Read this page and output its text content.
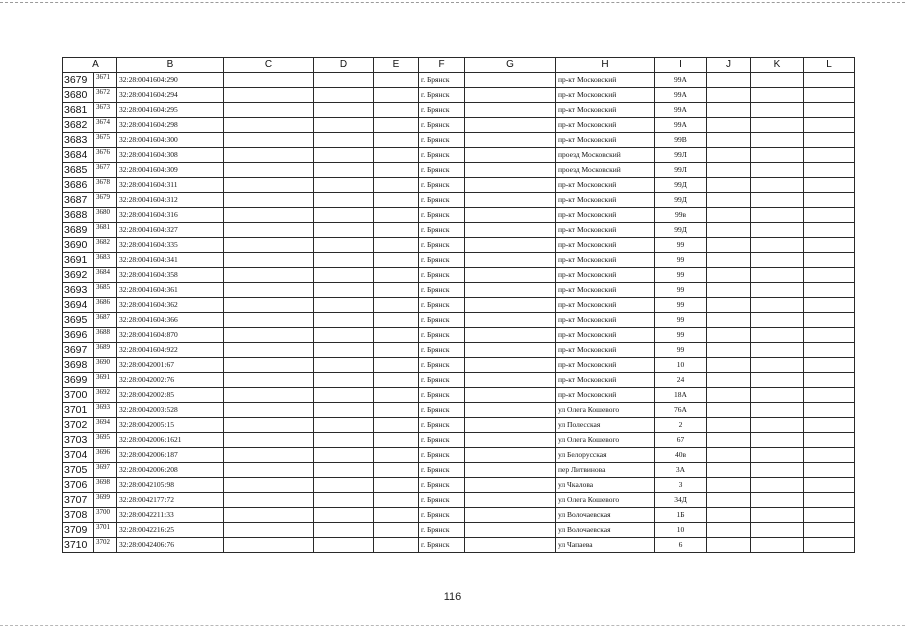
A	B	C	D	E	F	G	H	I	J	K	L

3679 3671	32:28:0041604:290				г. Брянск		пр-кт Московский	99А			

3680 3672	32:28:0041604:294				г. Брянск		пр-кт Московский	99А			

3681 3673	32:28:0041604:295				г. Брянск		пр-кт Московский	99А			

3682 3674	32:28:0041604:298				г. Брянск		пр-кт Московский	99А			

3683 3675	32:28:0041604:300				г. Брянск		пр-кт Московский	99В			

3684 3676	32:28:0041604:308				г. Брянск		проезд Московский	99Л			

3685 3677	32:28:0041604:309				г. Брянск		проезд Московский	99Л			

3686 3678	32:28:0041604:311				г. Брянск		пр-кт Московский	99Д			

3687 3679	32:28:0041604:312				г. Брянск		пр-кт Московский	99Д			

3688 3680	32:28:0041604:316				г. Брянск		пр-кт Московский	99в			

3689 3681	32:28:0041604:327				г. Брянск		пр-кт Московский	99Д			

3690 3682	32:28:0041604:335				г. Брянск		пр-кт Московский	99			

3691 3683	32:28:0041604:341				г. Брянск		пр-кт Московский	99			

3692 3684	32:28:0041604:358				г. Брянск		пр-кт Московский	99			

3693 3685	32:28:0041604:361				г. Брянск		пр-кт Московский	99			

3694 3686	32:28:0041604:362				г. Брянск		пр-кт Московский	99			

3695 3687	32:28:0041604:366				г. Брянск		пр-кт Московский	99			

3696 3688	32:28:0041604:870				г. Брянск		пр-кт Московский	99			

3697 3689	32:28:0041604:922				г. Брянск		пр-кт Московский	99			

3698 3690	32:28:0042001:67				г. Брянск		пр-кт Московский	10			

3699 3691	32:28:0042002:76				г. Брянск		пр-кт Московский	24			

3700 3692	32:28:0042002:85				г. Брянск		пр-кт Московский	18А			

3701 3693	32:28:0042003:528				г. Брянск		ул Олега Кошевого	76А			

3702 3694	32:28:0042005:15				г. Брянск		ул Полесская	2			

3703 3695	32:28:0042006:1621				г. Брянск		ул Олега Кошевого	67			

3704 3696	32:28:0042006:187				г. Брянск		ул Белорусская	40в			

3705 3697	32:28:0042006:208				г. Брянск		пер Литвинова	3А			

3706 3698	32:28:0042105:98				г. Брянск		ул Чкалова	3			

3707 3699	32:28:0042177:72				г. Брянск		ул Олега Кошевого	34Д			

3708 3700	32:28:0042211:33				г. Брянск		ул Волочаевская	1Б			

3709 3701	32:28:0042216:25				г. Брянск		ул Волочаевская	10			

3710 3702	32:28:0042406:76				г. Брянск		ул Чапаева	6			
116
